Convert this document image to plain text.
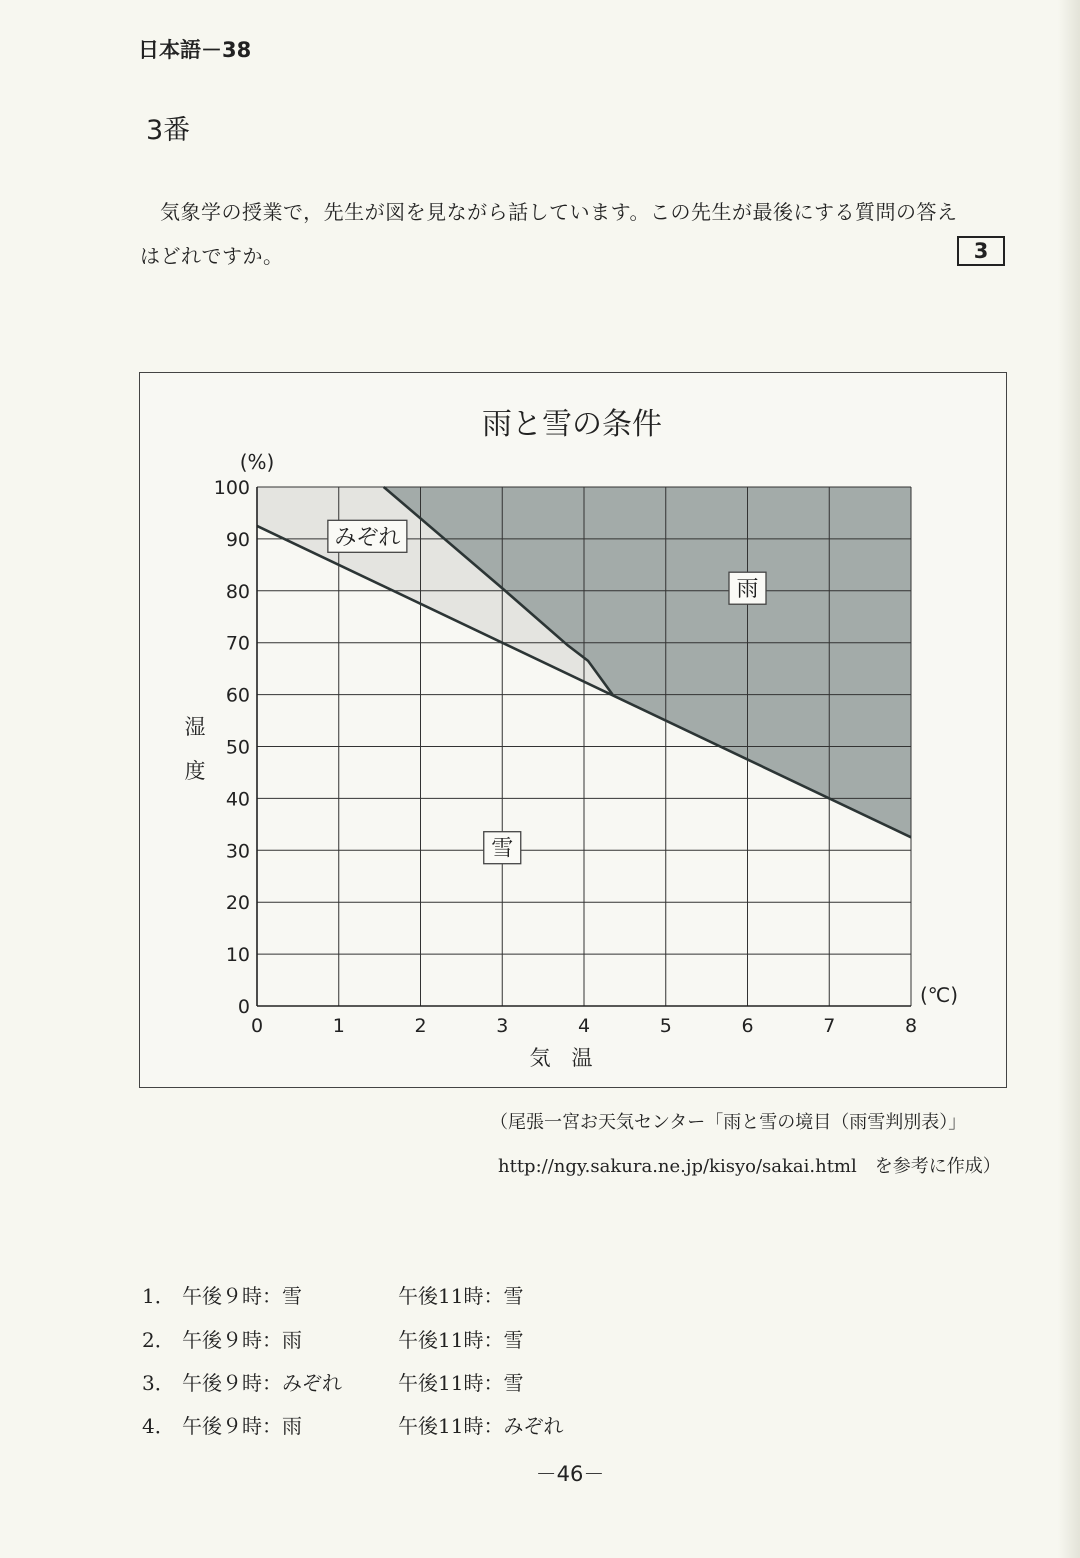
日本語－38
3番
気象学の授業で，先生が図を見ながら話しています。この先生が最後にする質問の答え
はどれですか。	3
0	1	2	3	4	5	6	7	8
0
10
20
30
40
50
60
70
80
90
100
雨と雪の条件
(%)
(℃)
気　温
湿
度
みぞれ
雨
雪
（尾張一宮お天気センター「雨と雪の境目（雨雪判別表）」
http://ngy.sakura.ne.jp/kisyo/sakai.html　を参考に作成）
1． 午後９時：雪	午後11時：雪
2． 午後９時：雨	午後11時：雪
3． 午後９時：みぞれ	午後11時：雪
4． 午後９時：雨	午後11時：みぞれ
－46－
